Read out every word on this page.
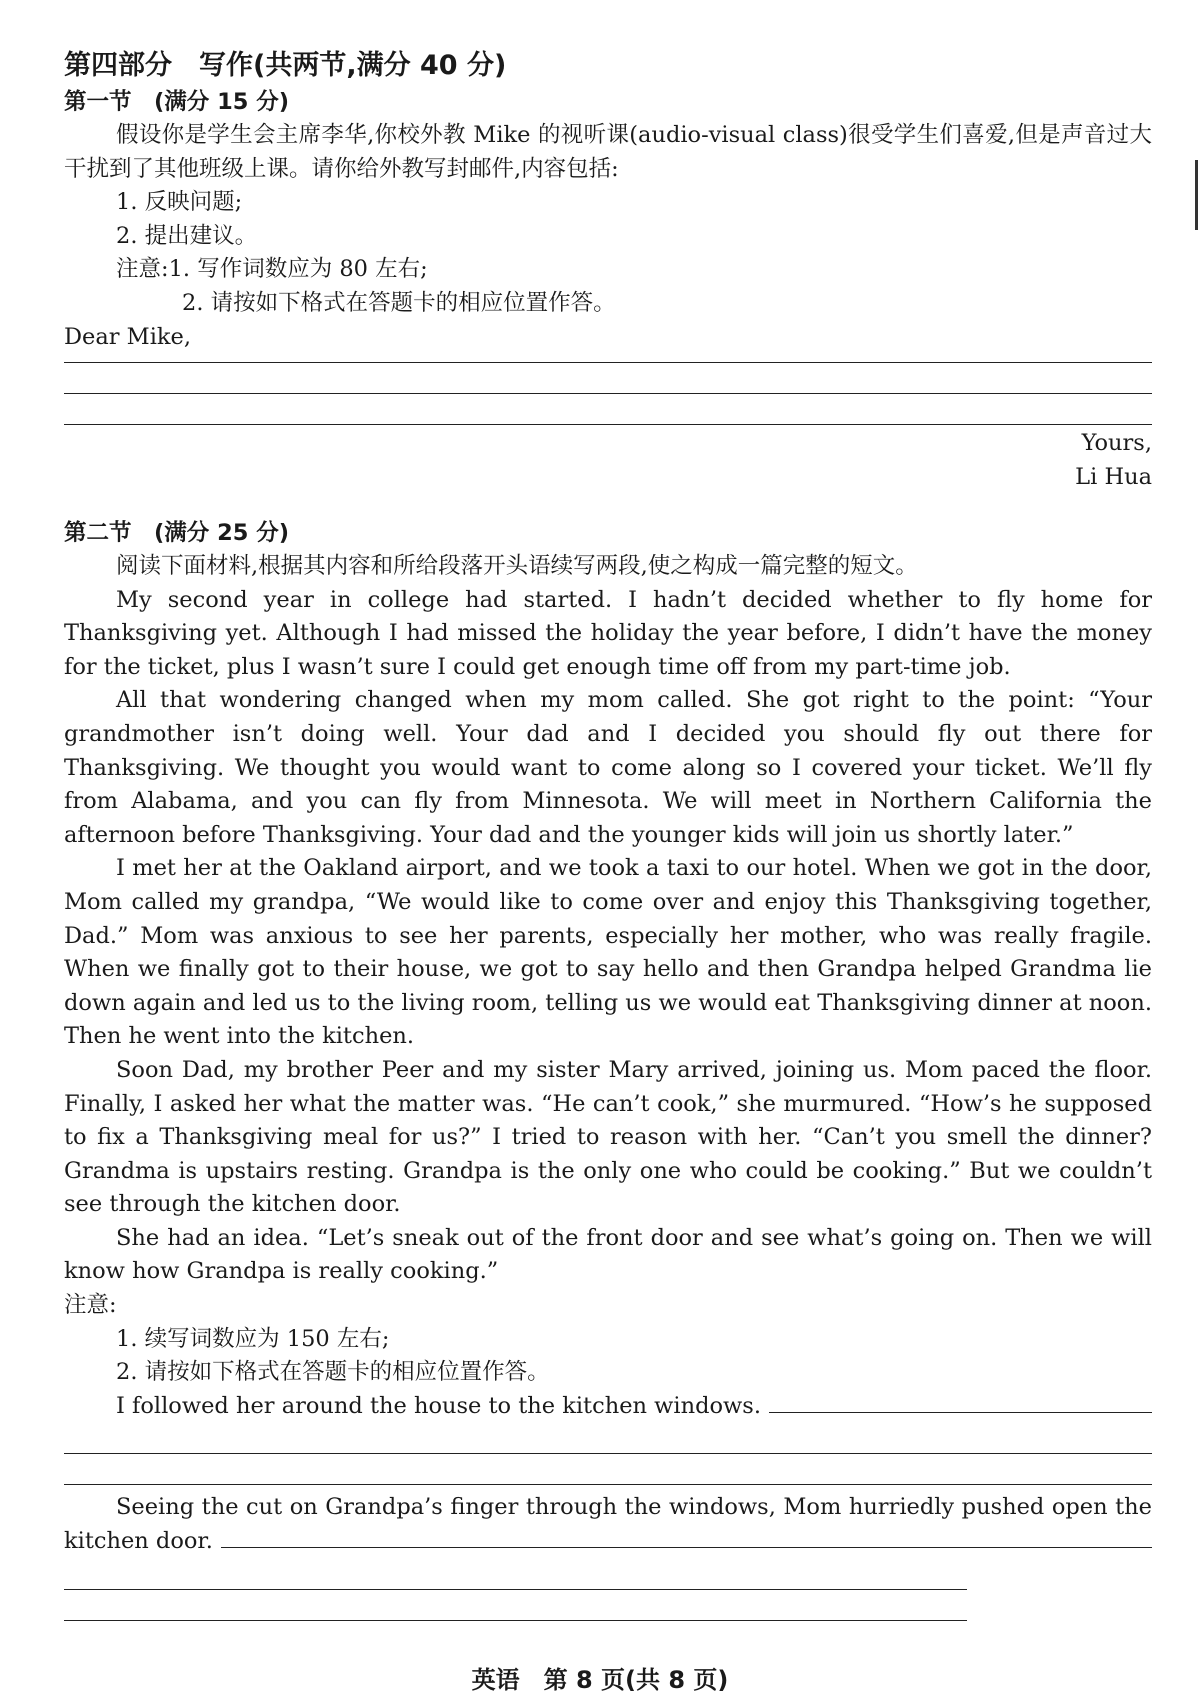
第四部分　写作(共两节,满分 40 分)
第一节　(满分 15 分)

假设你是学生会主席李华,你校外教 Mike 的视听课(audio-visual class)很受学生们喜爱,但是声音过大干扰到了其他班级上课。请你给外教写封邮件,内容包括:

1. 反映问题;

2. 提出建议。

注意:1. 写作词数应为 80 左右;

2. 请按如下格式在答题卡的相应位置作答。

Dear Mike,

Yours,

Li Hua

第二节　(满分 25 分)

阅读下面材料,根据其内容和所给段落开头语续写两段,使之构成一篇完整的短文。

My second year in college had started. I hadn’t decided whether to fly home for Thanksgiving yet. Although I had missed the holiday the year before, I didn’t have the money for the ticket, plus I wasn’t sure I could get enough time off from my part-time job.

All that wondering changed when my mom called. She got right to the point: “Your grandmother isn’t doing well. Your dad and I decided you should fly out there for Thanksgiving. We thought you would want to come along so I covered your ticket. We’ll fly from Alabama, and you can fly from Minnesota. We will meet in Northern California the afternoon before Thanksgiving. Your dad and the younger kids will join us shortly later.”

I met her at the Oakland airport, and we took a taxi to our hotel. When we got in the door, Mom called my grandpa, “We would like to come over and enjoy this Thanksgiving together, Dad.” Mom was anxious to see her parents, especially her mother, who was really fragile. When we finally got to their house, we got to say hello and then Grandpa helped Grandma lie down again and led us to the living room, telling us we would eat Thanksgiving dinner at noon. Then he went into the kitchen.

Soon Dad, my brother Peer and my sister Mary arrived, joining us. Mom paced the floor. Finally, I asked her what the matter was. “He can’t cook,” she murmured. “How’s he supposed to fix a Thanksgiving meal for us?” I tried to reason with her. “Can’t you smell the dinner? Grandma is upstairs resting. Grandpa is the only one who could be cooking.” But we couldn’t see through the kitchen door.

She had an idea. “Let’s sneak out of the front door and see what’s going on. Then we will know how Grandpa is really cooking.”

注意:

1. 续写词数应为 150 左右;

2. 请按如下格式在答题卡的相应位置作答。

I followed her around the house to the kitchen windows.

Seeing the cut on Grandpa’s finger through the windows, Mom hurriedly pushed open the

kitchen door.
英语　第 8 页(共 8 页)
